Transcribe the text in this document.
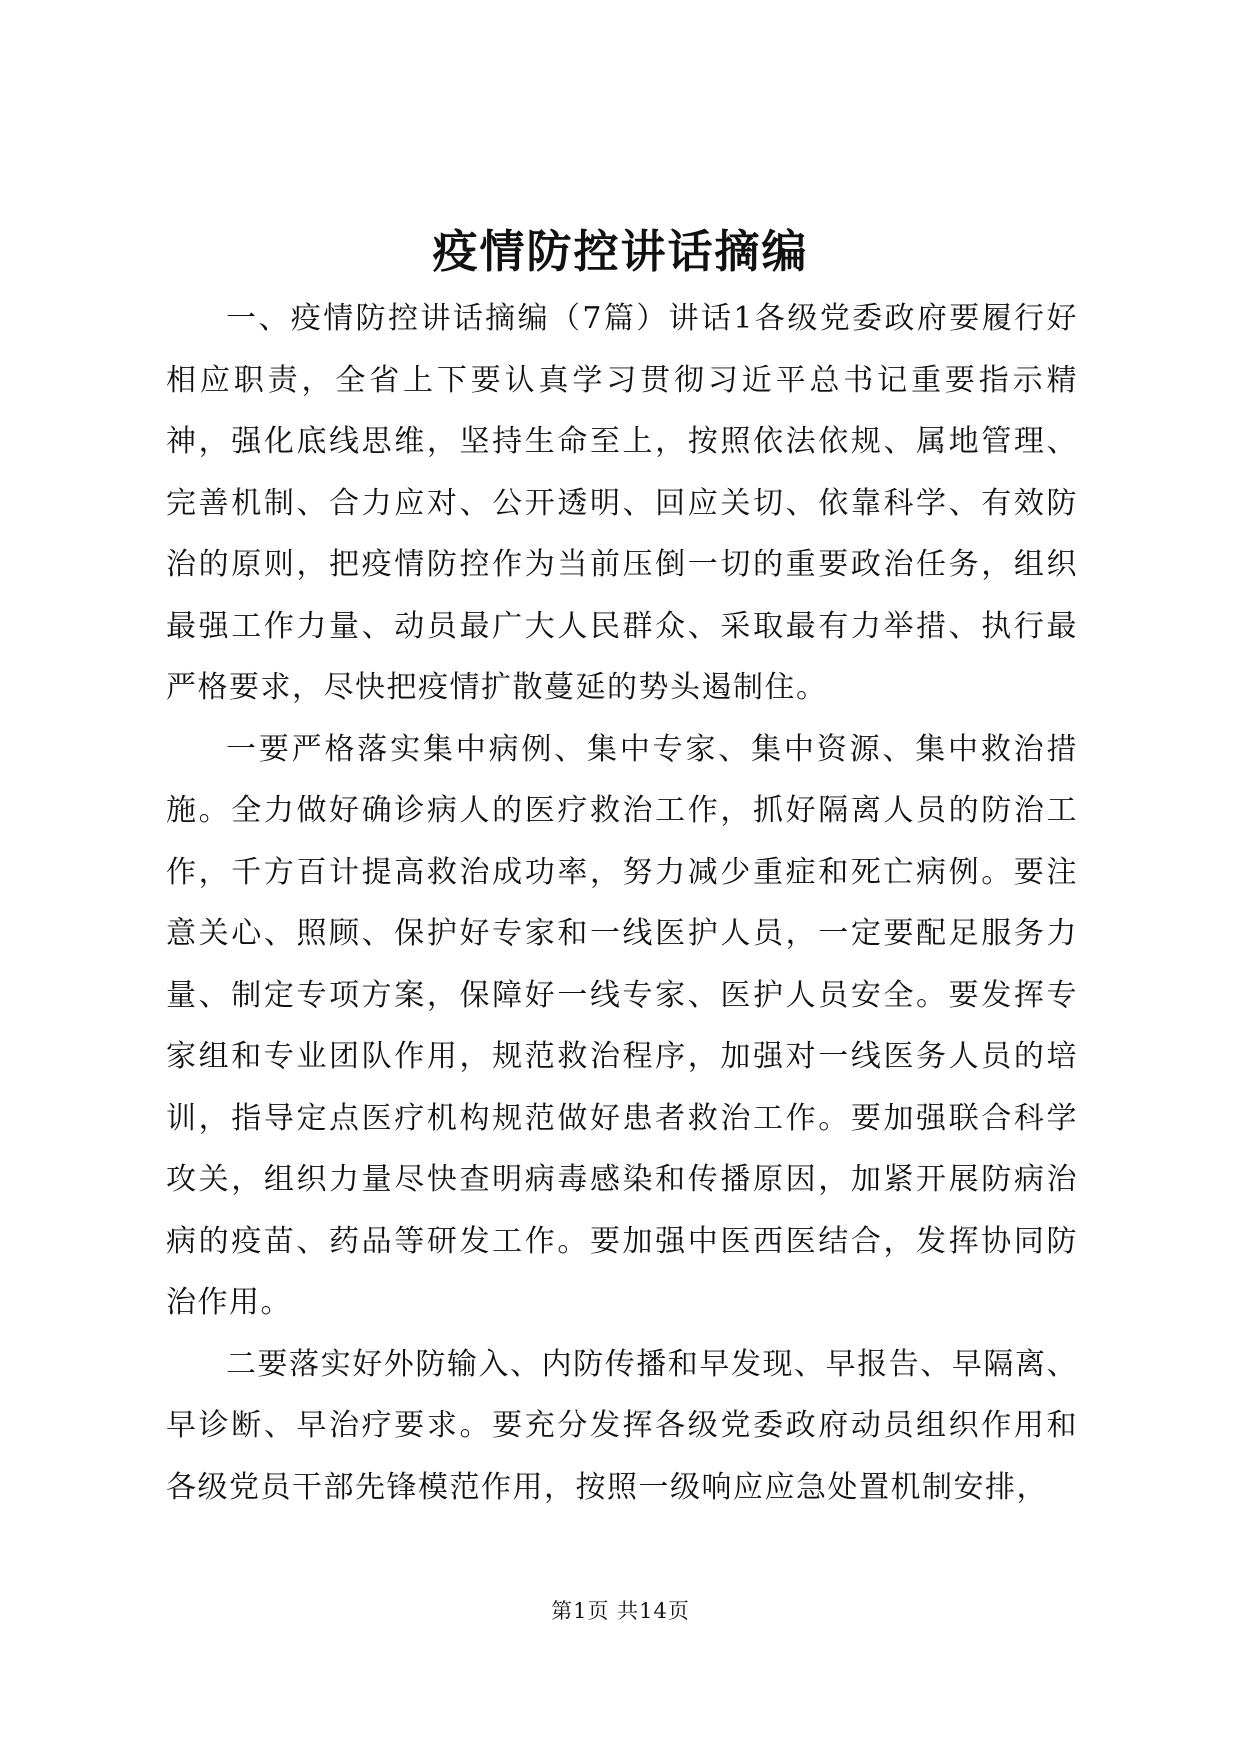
疫情防控讲话摘编

一、疫情防控讲话摘编（7篇）讲话1各级党委政府要履行好相应职责，全省上下要认真学习贯彻习近平总书记重要指示精神，强化底线思维，坚持生命至上，按照依法依规、属地管理、完善机制、合力应对、公开透明、回应关切、依靠科学、有效防治的原则，把疫情防控作为当前压倒一切的重要政治任务，组织最强工作力量、动员最广大人民群众、采取最有力举措、执行最严格要求，尽快把疫情扩散蔓延的势头遏制住。

一要严格落实集中病例、集中专家、集中资源、集中救治措施。全力做好确诊病人的医疗救治工作，抓好隔离人员的防治工作，千方百计提高救治成功率，努力减少重症和死亡病例。要注意关心、照顾、保护好专家和一线医护人员，一定要配足服务力量、制定专项方案，保障好一线专家、医护人员安全。要发挥专家组和专业团队作用，规范救治程序，加强对一线医务人员的培训，指导定点医疗机构规范做好患者救治工作。要加强联合科学攻关，组织力量尽快查明病毒感染和传播原因，加紧开展防病治病的疫苗、药品等研发工作。要加强中医西医结合，发挥协同防治作用。

二要落实好外防输入、内防传播和早发现、早报告、早隔离、早诊断、早治疗要求。要充分发挥各级党委政府动员组织作用和各级党员干部先锋模范作用，按照一级响应应急处置机制安排，

第1页 共14页
